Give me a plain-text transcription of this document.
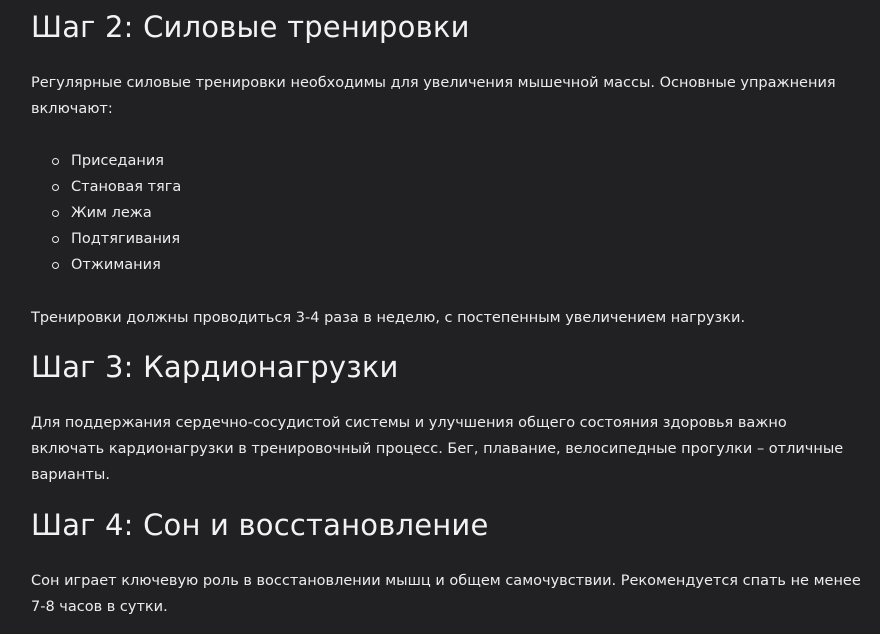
Шаг 2: Силовые тренировки

Регулярные силовые тренировки необходимы для увеличения мышечной массы. Основные упражнения включают:

Приседания
Становая тяга
Жим лежа
Подтягивания
Отжимания

Тренировки должны проводиться 3-4 раза в неделю, с постепенным увеличением нагрузки.

Шаг 3: Кардионагрузки

Для поддержания сердечно-сосудистой системы и улучшения общего состояния здоровья важно включать кардионагрузки в тренировочный процесс. Бег, плавание, велосипедные прогулки – отличные варианты.

Шаг 4: Сон и восстановление

Сон играет ключевую роль в восстановлении мышц и общем самочувствии. Рекомендуется спать не менее 7-8 часов в сутки.
